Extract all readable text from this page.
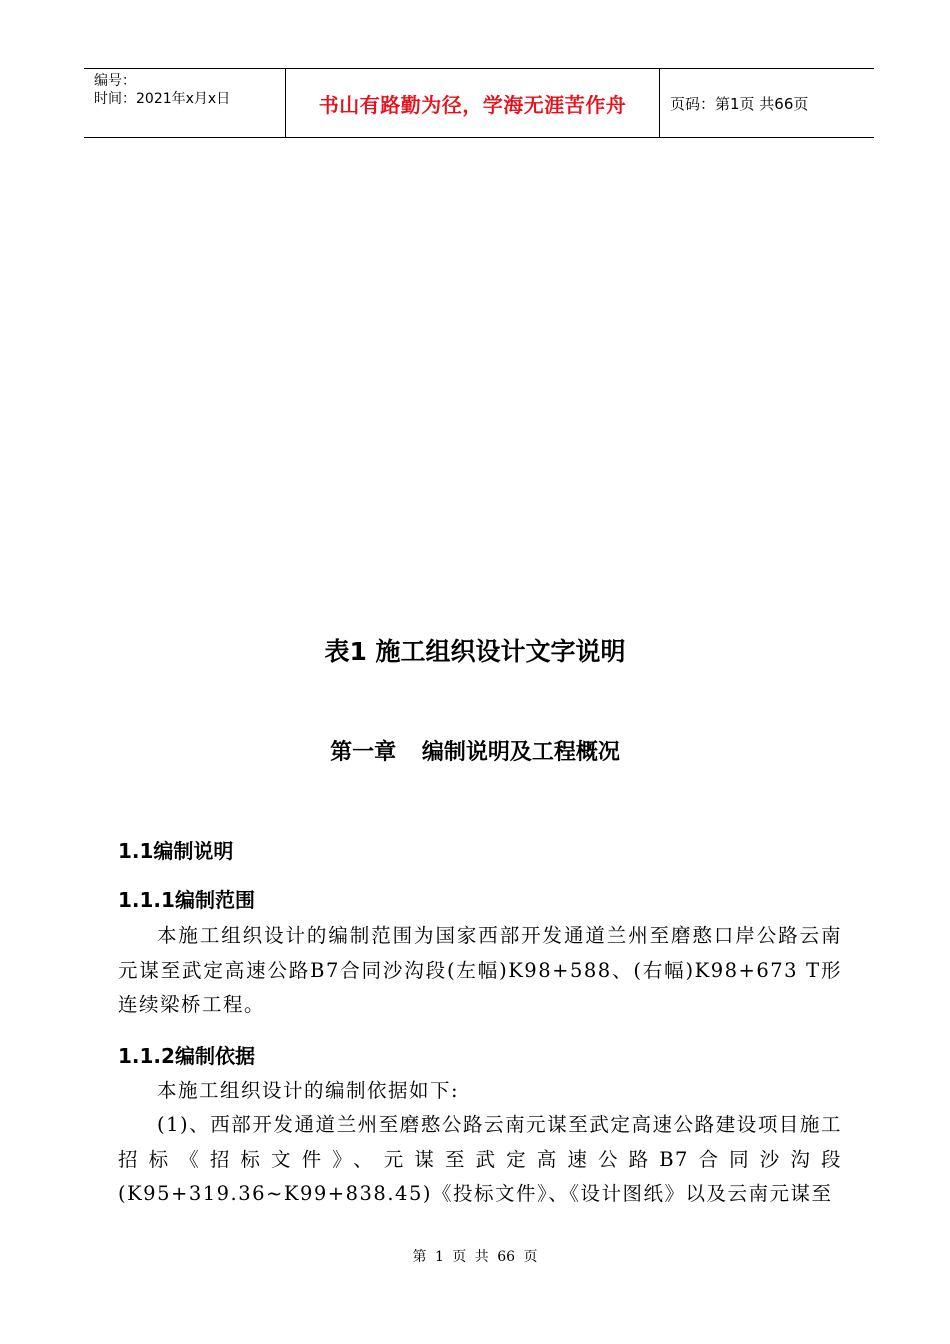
编号：
时间：2021年x月x日	书山有路勤为径，学海无涯苦作舟	页码：第1页 共66页
表1 施工组织设计文字说明
第一章 编制说明及工程概况
1.1编制说明
1.1.1编制范围
本施工组织设计的编制范围为国家西部开发通道兰州至磨憨口岸公路云南元谋至武定高速公路B7合同沙沟段(左幅)K98+588、(右幅)K98+673 T形连续梁桥工程。
1.1.2编制依据
本施工组织设计的编制依据如下:
(1)、西部开发通道兰州至磨憨公路云南元谋至武定高速公路建设项目施工招标《招标文件》、元谋至武定高速公路B7合同沙沟段(K95+319.36~K99+838.45)《投标文件》、《设计图纸》以及云南元谋至
第 1 页 共 66 页
